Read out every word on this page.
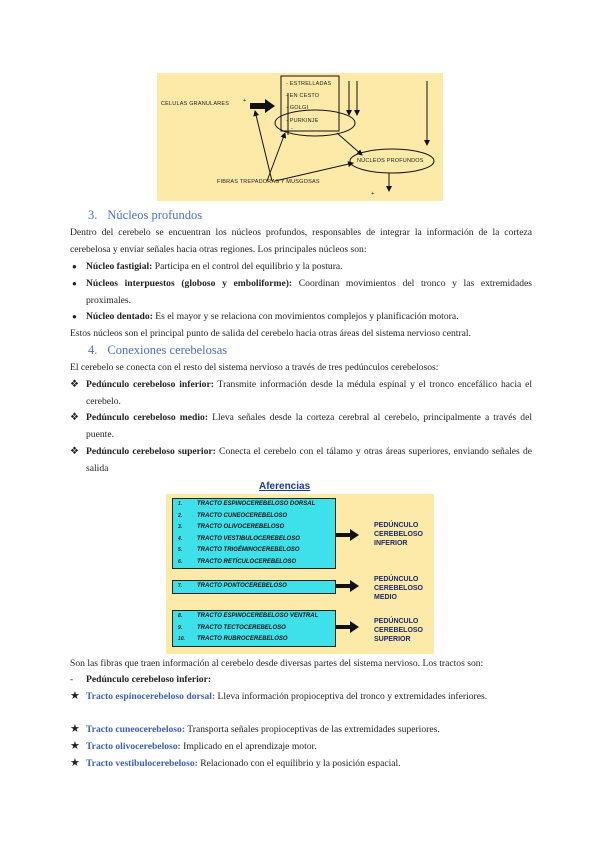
CELULAS GRANULARES	+
- ESTRELLADAS
- EN CESTO
- GOLGI
- PURKINJE
-
NÚCLEOS PROFUNDOS
FIBRAS TREPADORAS Y MUSGOSAS
+
3. Núcleos profundos
Dentro del cerebelo se encuentran los núcleos profundos, responsables de integrar la información de la corteza cerebelosa y enviar señales hacia otras regiones. Los principales núcleos son:
●
Núcleo fastigial: Participa en el control del equilibrio y la postura.
●
Núcleos interpuestos (globoso y emboliforme): Coordinan movimientos del tronco y las extremidades proximales.
●
Núcleo dentado: Es el mayor y se relaciona con movimientos complejos y planificación motora.
Estos núcleos son el principal punto de salida del cerebelo hacia otras áreas del sistema nervioso central.
4. Conexiones cerebelosas
El cerebelo se conecta con el resto del sistema nervioso a través de tres pedúnculos cerebelosos:
❖ Pedúnculo cerebeloso inferior: Transmite información desde la médula espinal y el tronco encefálico hacia el cerebelo.
❖ Pedúnculo cerebeloso medio: Lleva señales desde la corteza cerebral al cerebelo, principalmente a través del puente.
❖ Pedúnculo cerebeloso superior: Conecta el cerebelo con el tálamo y otras áreas superiores, enviando señales de salida
Aferencias
1. TRACTO ESPINOCEREBELOSO DORSAL
2. TRACTO CUNEOCEREBELOSO
3. TRACTO OLIVOCEREBELOSO
4. TRACTO VESTIBULOCEREBELOSO
5. TRACTO TRIGÉMINOCEREBELOSO
6. TRACTO RETÍCULOCEREBELOSO
7. TRACTO PONTOCEREBELOSO
8. TRACTO ESPINOCEREBELOSO VENTRAL
9. TRACTO TECTOCEREBELOSO
10. TRACTO RUBROCEREBELOSO
PEDÚNCULO
CEREBELOSO
INFERIOR
PEDÚNCULO
CEREBELOSO
MEDIO
PEDÚNCULO
CEREBELOSO
SUPERIOR
Son las fibras que traen información al cerebelo desde diversas partes del sistema nervioso. Los tractos son:
- Pedúnculo cerebeloso inferior:
★ Tracto espinocerebeloso dorsal: Lleva información propioceptiva del tronco y extremidades inferiores.
★ Tracto cuneocerebeloso: Transporta señales propioceptivas de las extremidades superiores.
★ Tracto olivocerebeloso: Implicado en el aprendizaje motor.
★ Tracto vestibulocerebeloso: Relacionado con el equilibrio y la posición espacial.
